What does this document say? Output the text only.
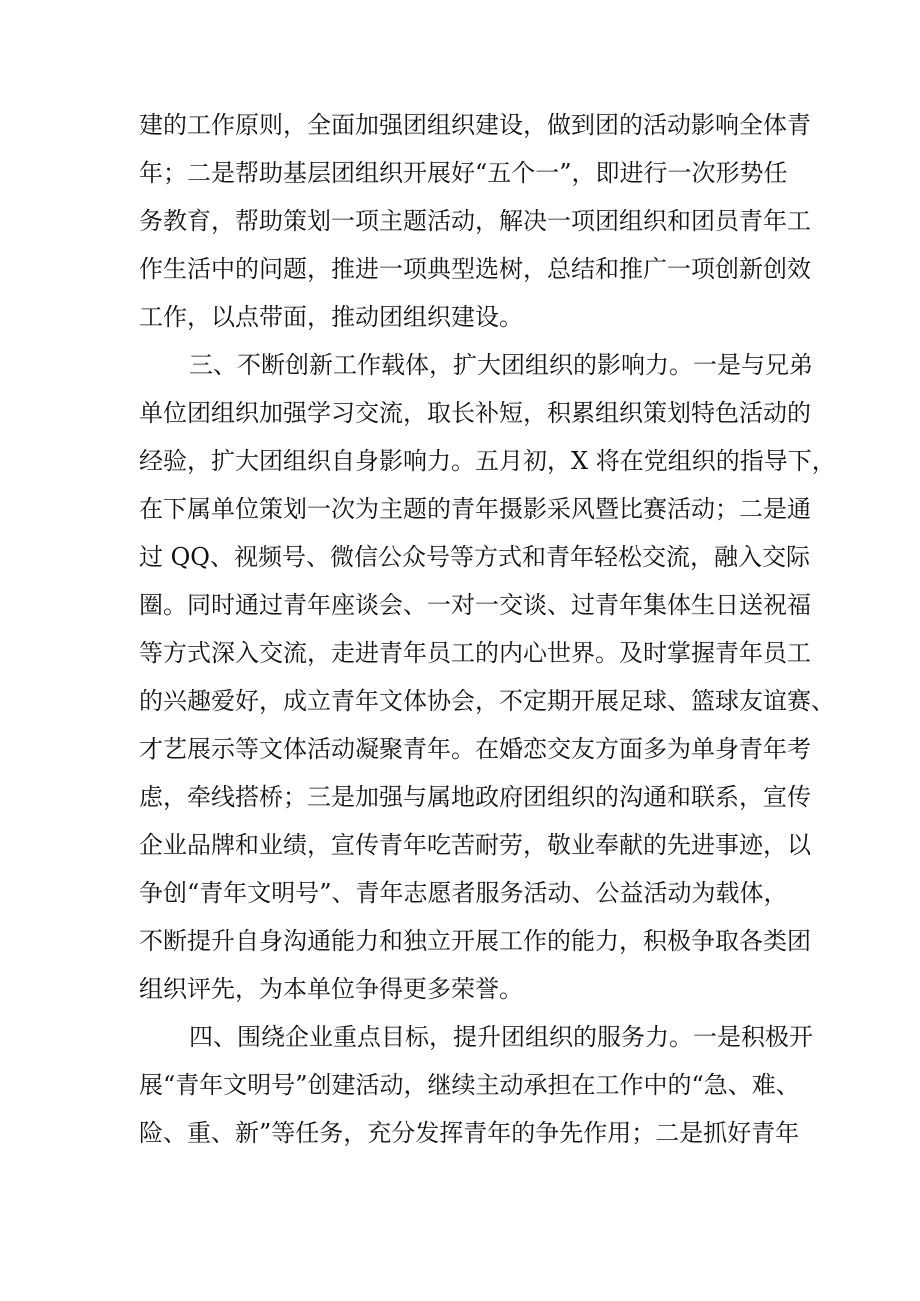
建的工作原则，全面加强团组织建设，做到团的活动影响全体青
年；二是帮助基层团组织开展好“五个一”，即进行一次形势任
务教育，帮助策划一项主题活动，解决一项团组织和团员青年工
作生活中的问题，推进一项典型选树，总结和推广一项创新创效
工作，以点带面，推动团组织建设。
三、不断创新工作载体，扩大团组织的影响力。一是与兄弟
单位团组织加强学习交流，取长补短，积累组织策划特色活动的
经验，扩大团组织自身影响力。五月初，X 将在党组织的指导下，
在下属单位策划一次为主题的青年摄影采风暨比赛活动；二是通
过 QQ、视频号、微信公众号等方式和青年轻松交流，融入交际
圈。同时通过青年座谈会、一对一交谈、过青年集体生日送祝福
等方式深入交流，走进青年员工的内心世界。及时掌握青年员工
的兴趣爱好，成立青年文体协会，不定期开展足球、篮球友谊赛、
才艺展示等文体活动凝聚青年。在婚恋交友方面多为单身青年考
虑，牵线搭桥；三是加强与属地政府团组织的沟通和联系，宣传
企业品牌和业绩，宣传青年吃苦耐劳，敬业奉献的先进事迹，以
争创“青年文明号”、青年志愿者服务活动、公益活动为载体，
不断提升自身沟通能力和独立开展工作的能力，积极争取各类团
组织评先，为本单位争得更多荣誉。
四、围绕企业重点目标，提升团组织的服务力。一是积极开
展“青年文明号”创建活动，继续主动承担在工作中的“急、难、
险、重、新”等任务，充分发挥青年的争先作用；二是抓好青年
